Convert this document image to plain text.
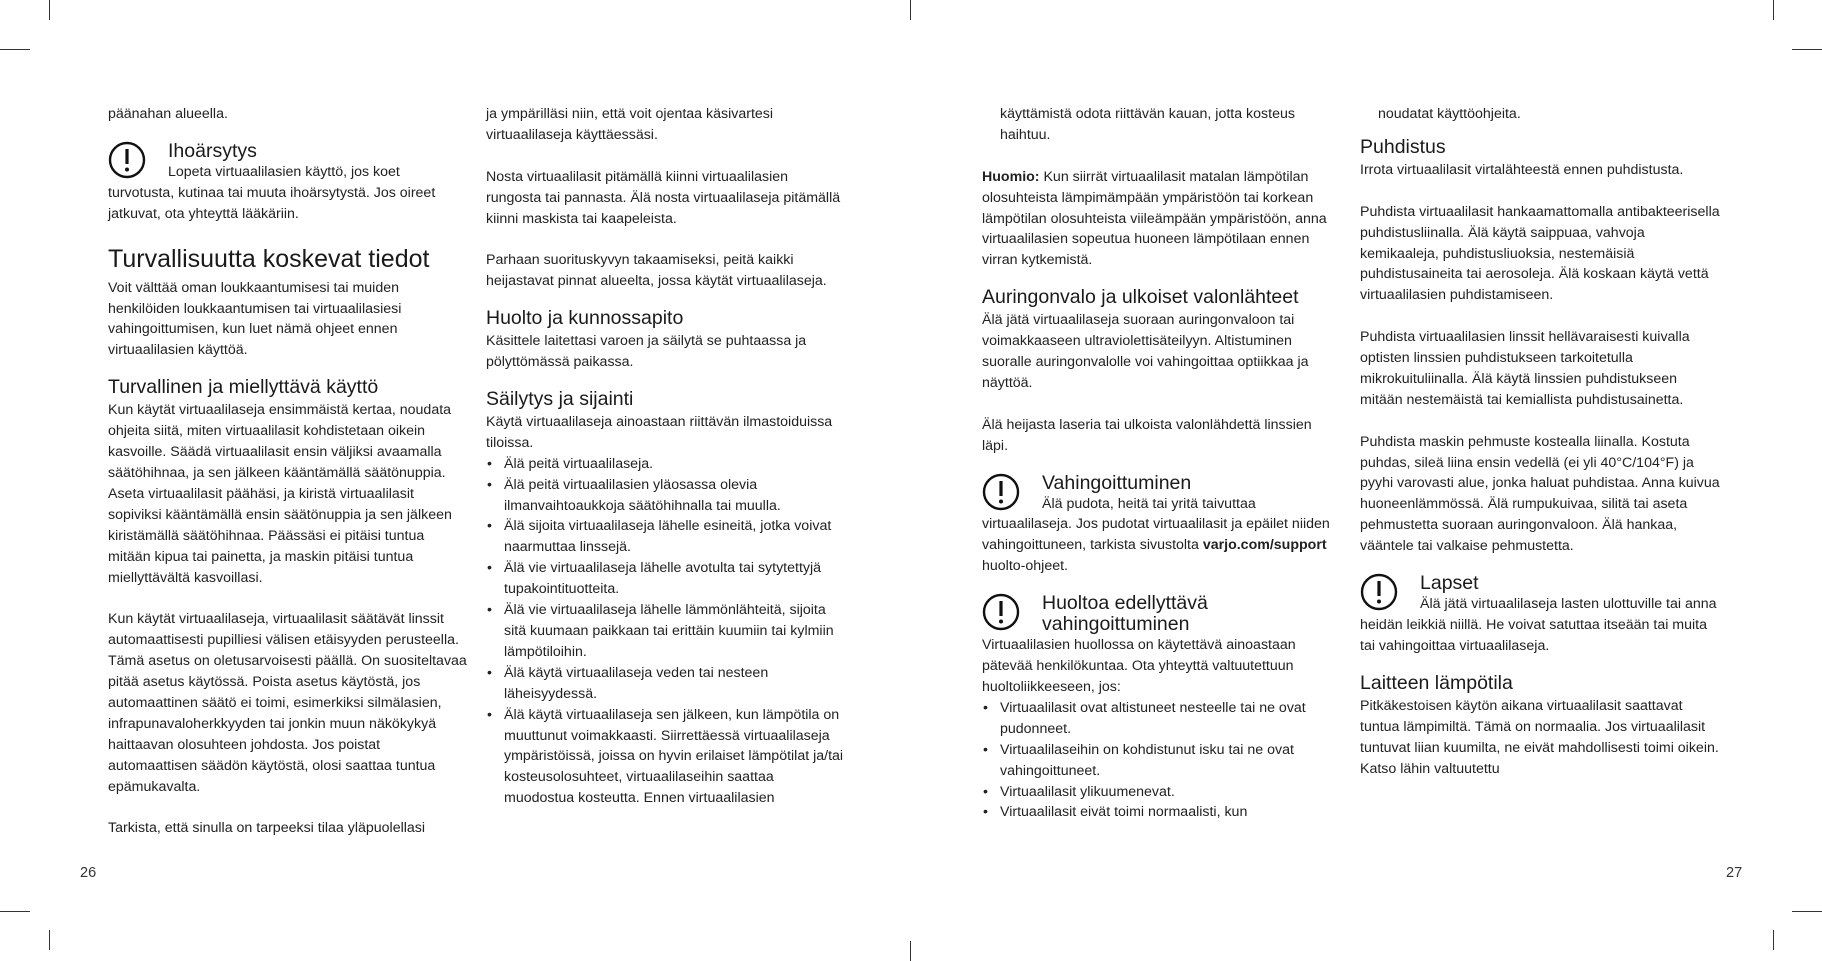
päänahan alueella.

Ihoärsytys

Lopeta virtuaalilasien käyttö, jos koet turvotusta, kutinaa tai muuta ihoärsytystä. Jos oireet jatkuvat, ota yhteyttä lääkäriin.

Turvallisuutta koskevat tiedot

Voit välttää oman loukkaantumisesi tai muiden henkilöiden loukkaantumisen tai virtuaalilasiesi vahingoittumisen, kun luet nämä ohjeet ennen virtuaalilasien käyttöä.

Turvallinen ja miellyttävä käyttö

Kun käytät virtuaalilaseja ensimmäistä kertaa, noudata ohjeita siitä, miten virtuaalilasit kohdistetaan oikein kasvoille. Säädä virtuaalilasit ensin väljiksi avaamalla säätöhihnaa, ja sen jälkeen kääntämällä säätönuppia. Aseta virtuaalilasit päähäsi, ja kiristä virtuaalilasit sopiviksi kääntämällä ensin säätönuppia ja sen jälkeen kiristämällä säätöhihnaa. Päässäsi ei pitäisi tuntua mitään kipua tai painetta, ja maskin pitäisi tuntua miellyttävältä kasvoillasi.

Kun käytät virtuaalilaseja, virtuaalilasit säätävät linssit automaattisesti pupilliesi välisen etäisyyden perusteella. Tämä asetus on oletusarvoisesti päällä. On suositeltavaa pitää asetus käytössä. Poista asetus käytöstä, jos automaattinen säätö ei toimi, esimerkiksi silmälasien, infrapunavaloherkkyyden tai jonkin muun näkökykyä haittaavan olosuhteen johdosta. Jos poistat automaattisen säädön käytöstä, olosi saattaa tuntua epämukavalta.

Tarkista, että sinulla on tarpeeksi tilaa yläpuolellasi

ja ympärilläsi niin, että voit ojentaa käsivartesi virtuaalilaseja käyttäessäsi.

Nosta virtuaalilasit pitämällä kiinni virtuaalilasien rungosta tai pannasta. Älä nosta virtuaalilaseja pitämällä kiinni maskista tai kaapeleista.

Parhaan suorituskyvyn takaamiseksi, peitä kaikki heijastavat pinnat alueelta, jossa käytät virtuaalilaseja.

Huolto ja kunnossapito

Käsittele laitettasi varoen ja säilytä se puhtaassa ja pölyttömässä paikassa.

Säilytys ja sijainti

Käytä virtuaalilaseja ainoastaan riittävän ilmastoiduissa tiloissa.

• Älä peitä virtuaalilaseja.
• Älä peitä virtuaalilasien yläosassa olevia ilmanvaihtoaukkoja säätöhihnalla tai muulla.
• Älä sijoita virtuaalilaseja lähelle esineitä, jotka voivat naarmuttaa linssejä.
• Älä vie virtuaalilaseja lähelle avotulta tai sytytettyjä tupakointituotteita.
• Älä vie virtuaalilaseja lähelle lämmönlähteitä, sijoita sitä kuumaan paikkaan tai erittäin kuumiin tai kylmiin lämpötiloihin.
• Älä käytä virtuaalilaseja veden tai nesteen läheisyydessä.
• Älä käytä virtuaalilaseja sen jälkeen, kun lämpötila on muuttunut voimakkaasti. Siirrettäessä virtuaalilaseja ympäristöissä, joissa on hyvin erilaiset lämpötilat ja/tai kosteusolosuhteet, virtuaalilaseihin saattaa muodostua kosteutta. Ennen virtuaalilasien

käyttämistä odota riittävän kauan, jotta kosteus haihtuu.

Huomio: Kun siirrät virtuaalilasit matalan lämpötilan olosuhteista lämpimämpään ympäristöön tai korkean lämpötilan olosuhteista viileämpään ympäristöön, anna virtuaalilasien sopeutua huoneen lämpötilaan ennen virran kytkemistä.

Auringonvalo ja ulkoiset valonlähteet

Älä jätä virtuaalilaseja suoraan auringonvaloon tai voimakkaaseen ultraviolettisäteilyyn. Altistuminen suoralle auringonvalolle voi vahingoittaa optiikkaa ja näyttöä.

Älä heijasta laseria tai ulkoista valonlähdettä linssien läpi.

Vahingoittuminen

Älä pudota, heitä tai yritä taivuttaa virtuaalilaseja. Jos pudotat virtuaalilasit ja epäilet niiden vahingoittuneen, tarkista sivustolta varjo.com/support huolto-ohjeet.

Huoltoa edellyttävä vahingoittuminen

Virtuaalilasien huollossa on käytettävä ainoastaan pätevää henkilökuntaa. Ota yhteyttä valtuutettuun huoltoliikkeeseen, jos:

• Virtuaalilasit ovat altistuneet nesteelle tai ne ovat pudonneet.
• Virtuaalilaseihin on kohdistunut isku tai ne ovat vahingoittuneet.
• Virtuaalilasit ylikuumenevat.
• Virtuaalilasit eivät toimi normaalisti, kun

noudatat käyttöohjeita.

Puhdistus

Irrota virtuaalilasit virtalähteestä ennen puhdistusta.

Puhdista virtuaalilasit hankaamattomalla antibakteerisella puhdistusliinalla. Älä käytä saippuaa, vahvoja kemikaaleja, puhdistusliuoksia, nestemäisiä puhdistusaineita tai aerosoleja. Älä koskaan käytä vettä virtuaalilasien puhdistamiseen.

Puhdista virtuaalilasien linssit hellävaraisesti kuivalla optisten linssien puhdistukseen tarkoitetulla mikrokuituliinalla. Älä käytä linssien puhdistukseen mitään nestemäistä tai kemiallista puhdistusainetta.

Puhdista maskin pehmuste kostealla liinalla. Kostuta puhdas, sileä liina ensin vedellä (ei yli 40°C/104°F) ja pyyhi varovasti alue, jonka haluat puhdistaa. Anna kuivua huoneenlämmössä. Älä rumpukuivaa, silitä tai aseta pehmustetta suoraan auringonvaloon. Älä hankaa, vääntele tai valkaise pehmustetta.

Lapset

Älä jätä virtuaalilaseja lasten ulottuville tai anna heidän leikkiä niillä. He voivat satuttaa itseään tai muita tai vahingoittaa virtuaalilaseja.

Laitteen lämpötila

Pitkäkestoisen käytön aikana virtuaalilasit saattavat tuntua lämpimiltä. Tämä on normaalia. Jos virtuaalilasit tuntuvat liian kuumilta, ne eivät mahdollisesti toimi oikein. Katso lähin valtuutettu

26	27
